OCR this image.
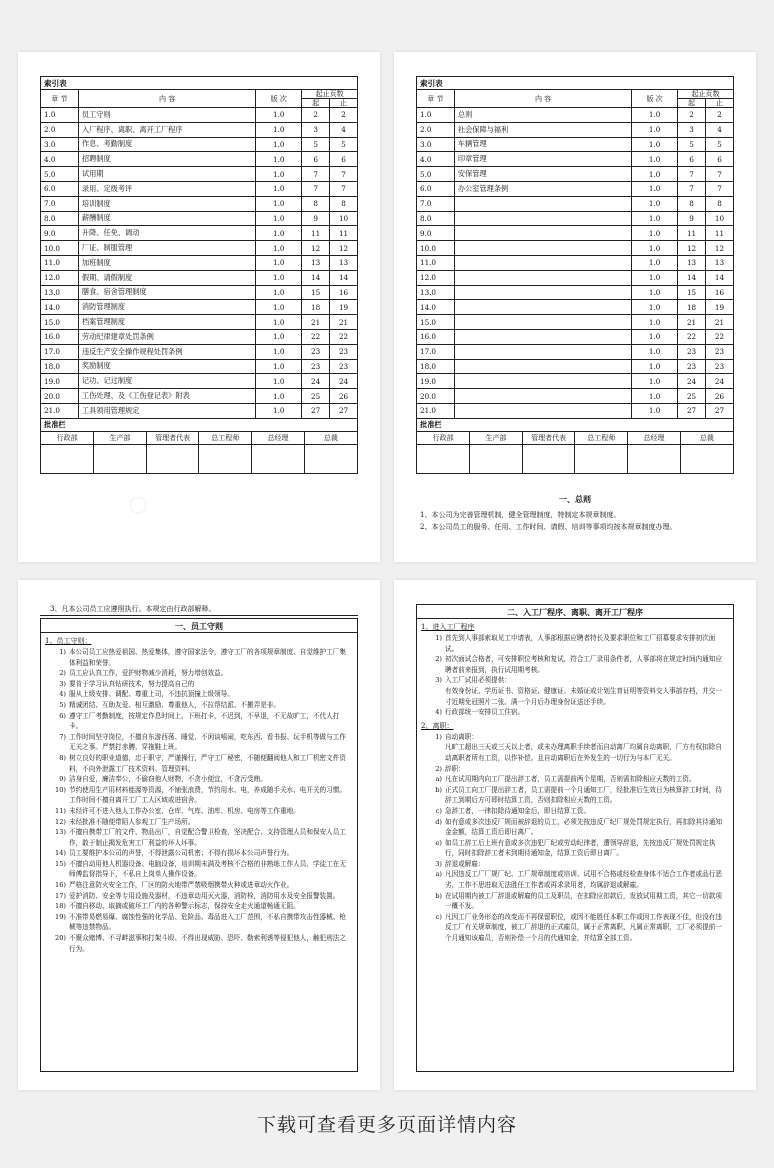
索引表
章 节	内 容	版 次	起止页数
起	止
1.0	员工守则	1.0	2	2
2.0	入厂程序、离职、离开工厂程序	1.0	3	4
3.0	作息、考勤制度	1.0	5	5
4.0	招聘制度	1.0	6	6
5.0	试用期	1.0	7	7
6.0	录用、定级考评	1.0	7	7
7.0	培训制度	1.0	8	8
8.0	薪酬制度	1.0	9	10
9.0	升降、任免、调动	1.0	11	11
10.0	厂证、制服管理	1.0	12	12
11.0	加班制度	1.0	13	13
12.0	假期、请假制度	1.0	14	14
13.0	膳食、宿舍管理制度	1.0	15	16
14.0	消防管理制度	1.0	18	19
15.0	档案管理制度	1.0	21	21
16.0	劳动纪律建章处罚条例	1.0	22	22
17.0	违反生产安全操作规程处罚条例	1.0	23	23
18.0	奖励制度	1.0	23	23
19.0	记功、记过制度	1.0	24	24
20.0	工伤处理、及《工伤登记表》附表	1.0	25	26
21.0	工具领用管理规定	1.0	27	27
批准栏

行政部	生产部	管理者代表	总工程师	总经理	总裁

○
索引表
章 节	内 容	版 次	起止页数
起	止
1.0	总则	1.0	2	2
2.0	社会保障与福利	1.0	3	4
3.0	车辆管理	1.0	5	5
4.0	印章管理	1.0	6	6
5.0	安保管理	1.0	7	7
6.0	办公室管理条例	1.0	7	7
7.0		1.0	8	8
8.0		1.0	9	10
9.0		1.0	11	11
10.0		1.0	12	12
11.0		1.0	13	13
12.0		1.0	14	14
13.0		1.0	15	16
14.0		1.0	18	19
15.0		1.0	21	21
16.0		1.0	22	22
17.0		1.0	23	23
18.0		1.0	23	23
19.0		1.0	24	24
20.0		1.0	25	26
21.0		1.0	27	27
批准栏

行政部	生产部	管理者代表	总工程师	总经理	总裁

一、总则
1、本公司为完善管理机制，健全管理制度，特制定本规章制度。
2、本公司员工的服务、任用、工作时间、请假、培训等事项均按本规章制度办理。
3、凡本公司员工应遵照执行。本规定由行政部解释。
一、员工守则
1、员工守则：
1) 本公司员工应热爱祖国、热爱集体，遵守国家法令，遵守工厂的各项规章制度、自觉维护工厂集体利益和荣誉。
2) 员工应认真工作，爱护财物减少消耗，努力增创效益。
3) 要肯于学习认真钻研技术，努力提高自己的
4) 服从上级安排、调配、尊重上司，不违抗顶撞上级领导。
5) 精诚团结、互助友爱、相互激励、尊重他人，不拉帮结派、不搬弄是非。
6) 遵守工厂考勤制度，按规定作息时间上、下班打卡，不迟到，不早退，不无故旷工，不代人打卡。
7) 工作时间坚守岗位，不擅自东游西荡、睡觉、不闲谈嘻闹，吃东西、看书报、玩手机等做与工作无关之事。严禁打赤膊、穿拖鞋上班。
8) 树立良好的职业道德，忠于职守，严谨操行，严守工厂秘密，不随便翻阅他人和工厂机密文件资料，不向外泄露工厂技术资料、管理资料。
9) 洁身自爱，廉洁奉公，不偷窃他人财物，不贪小便宜，不贪污受贿。
10) 节约使用生产用材料能源等资源，不铺张浪费，节约用水、电，养成随手关水、电开关的习惯。工作时间不擅自离开工厂工人区域或进宿舍。
11) 未经许可不进入他人工作办公室、仓库、气库、油库、机房、电房等工作重地。
12) 未经批准不随便带陌人参观工厂生产场所。
13) 不擅自携带工厂的文件、物品出厂，自觉配合警卫检查，坚决配合、支持管理人员和保安人员工作，敢于制止揭发危害工厂利益的坏人坏事。
14) 员工要维护本公司的声誉，不得泄露公司机密；不得有损坏本公司声誉行为。
15) 不擅自动用他人机器设备、电脑设备，培训期未满及考核不合格的非熟练工作人员、学徒工在无师傅监督指导下，不私自上岗单人操作设备。
16) 严格注意防火安全工作，厂区的防火地带严禁吸烟携带火种或进章动火作业。
17) 爱护消防、安全等专用设施及器材，不违章动用灭火器，消防栓，消防用水及安全报警装置。
18) 不擅自移动、取摘或破坏工厂内的各种警示标志，保持安全走火通道畅通无阻。
19) 不准带易燃易爆、腐蚀性强的化学品、危险品、毒品进入工厂范围，不私自携带攻击性器械、枪械等违禁物品。
20) 不聚众赌博、不寻衅滋事和打架斗殴、不得出现威胁、恐吓、勒索利诱等侵犯他人，触犯刑法之行为。
二、入工厂程序、离职、离开工厂程序
1、进入工厂程序
1) 首先到人事部索取见工申请表，人事部根据应聘者特长及要求职位和工厂招募要求安排初次面试。
2) 初次面试合格者，可安排职位考核和复试，符合工厂录用条件者，人事部将在规定时间内通知应聘者前来报到，执行试用期考核。
3) 入工厂试用必须提供：
有效身份证、学历证书、资格证、健康证、未婚证或计划生育证明等资料交人事部存档，并交一寸近期免冠照片二张。满一个月后办理身份证送还手续。
4) 行政部统一安排员工住宿。
2、离职：
1) 自动离职：
凡旷工超出三天或三天以上者，或未办理离职手续者而自动离厂均属自动离职，厂方有权扣除自动离职者所有工资，以作补偿。且自动离职后在外发生的一切行为与本厂无关。
2) 辞职：
a) 凡在试用期内向工厂提出辞工者，员工需提前两个星期，否则需扣除相应天数的工资。
b) 正式员工向工厂提出辞工者，员工需提前一个月通知工厂，经批准后生效日为核算辞工时间，待辞工到期后方可即时结算工资，否则扣除相应天数的工资。
c) 急辞工者，一律扣除待通知金后，即日结算工资。
d) 如有意或多次违反厂规而被辞退的员工，必须先按违反厂纪厂规处罚规定执行，再扣除其待通知金金额，结算工资后即日离厂。
e) 如员工辞工后上班有意或多次违犯厂纪或劳动纪律者，遭领导辞退，先按违反厂规处罚规定执行，同时扣除辞工者未到期待通知金，结算工资后即日离厂。
3) 辞退或解雇：
a) 凡因违反工厂厂规厂纪、工厂规章制度或培训、试用不合格或经检查身体不适合工作者或品行恶劣，工作不思进取无法胜任工作者或再求录用者，均属辞退或解雇。
b) 在试用期内被工厂辞退或解雇的员工及职员，在扣除应扣款后，发放试用期工资，其它一切款项一概不发。
c) 凡因工厂业务形态的改变而不再保留职位，或因不能胜任本职工作或因工作表现不佳，但没有违反工厂有关规章制度，被工厂辞退的正式雇员，属于正常离职，凡属正常离职，工厂必须提前一个月通知该雇员，否则补偿一个月的代通知金，并结算全部工资。
下载可查看更多页面详情内容
